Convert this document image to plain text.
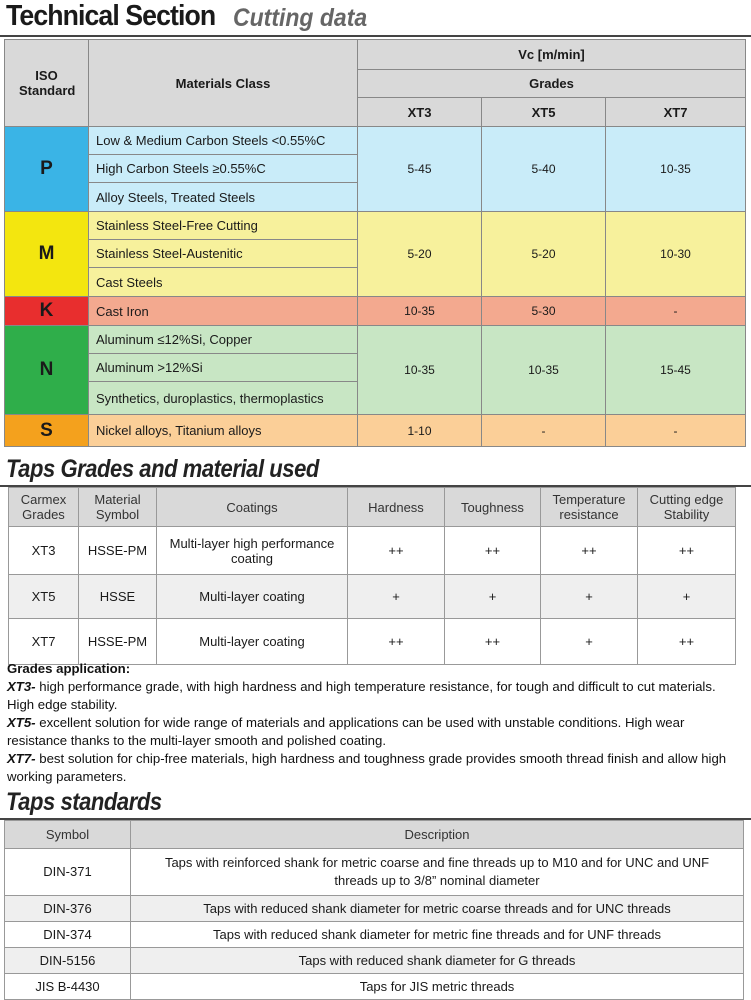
Technical Section Cutting data
ISO Standard	Materials Class	Vc [m/min]		
		Grades		
		XT3	XT5	XT7
P	Low & Medium Carbon Steels <0.55%C	5-45	5-40	10-35
	High Carbon Steels ≥0.55%C			
	Alloy Steels, Treated Steels			
M	Stainless Steel-Free Cutting	5-20	5-20	10-30
	Stainless Steel-Austenitic			
	Cast Steels			
K	Cast Iron	10-35	5-30	-
N	Aluminum ≤12%Si, Copper	10-35	10-35	15-45
	Aluminum >12%Si			
	Synthetics, duroplastics, thermoplastics			
S	Nickel alloys, Titanium alloys	1-10	-	-
Taps Grades and material used
Carmex Grades	Material Symbol	Coatings	Hardness	Toughness	Temperature resistance	Cutting edge Stability
XT3	HSSE-PM	Multi-layer high performance coating	++	++	++	++
XT5	HSSE	Multi-layer coating	+	+	+	+
XT7	HSSE-PM	Multi-layer coating	++	++	+	++
Grades application:
XT3- high performance grade, with high hardness and high temperature resistance, for tough and difficult to cut materials. High edge stability.
XT5- excellent solution for wide range of materials and applications can be used with unstable conditions. High wear resistance thanks to the multi-layer smooth and polished coating.
XT7- best solution for chip-free materials, high hardness and toughness grade provides smooth thread finish and allow high working parameters.
Taps standards
Symbol	Description
DIN-371	Taps with reinforced shank for metric coarse and fine threads up to M10 and for UNC and UNF threads up to 3/8” nominal diameter
DIN-376	Taps with reduced shank diameter for metric coarse threads and for UNC threads
DIN-374	Taps with reduced shank diameter for metric fine threads and for UNF threads
DIN-5156	Taps with reduced shank diameter for G threads
JIS B-4430	Taps for JIS metric threads
